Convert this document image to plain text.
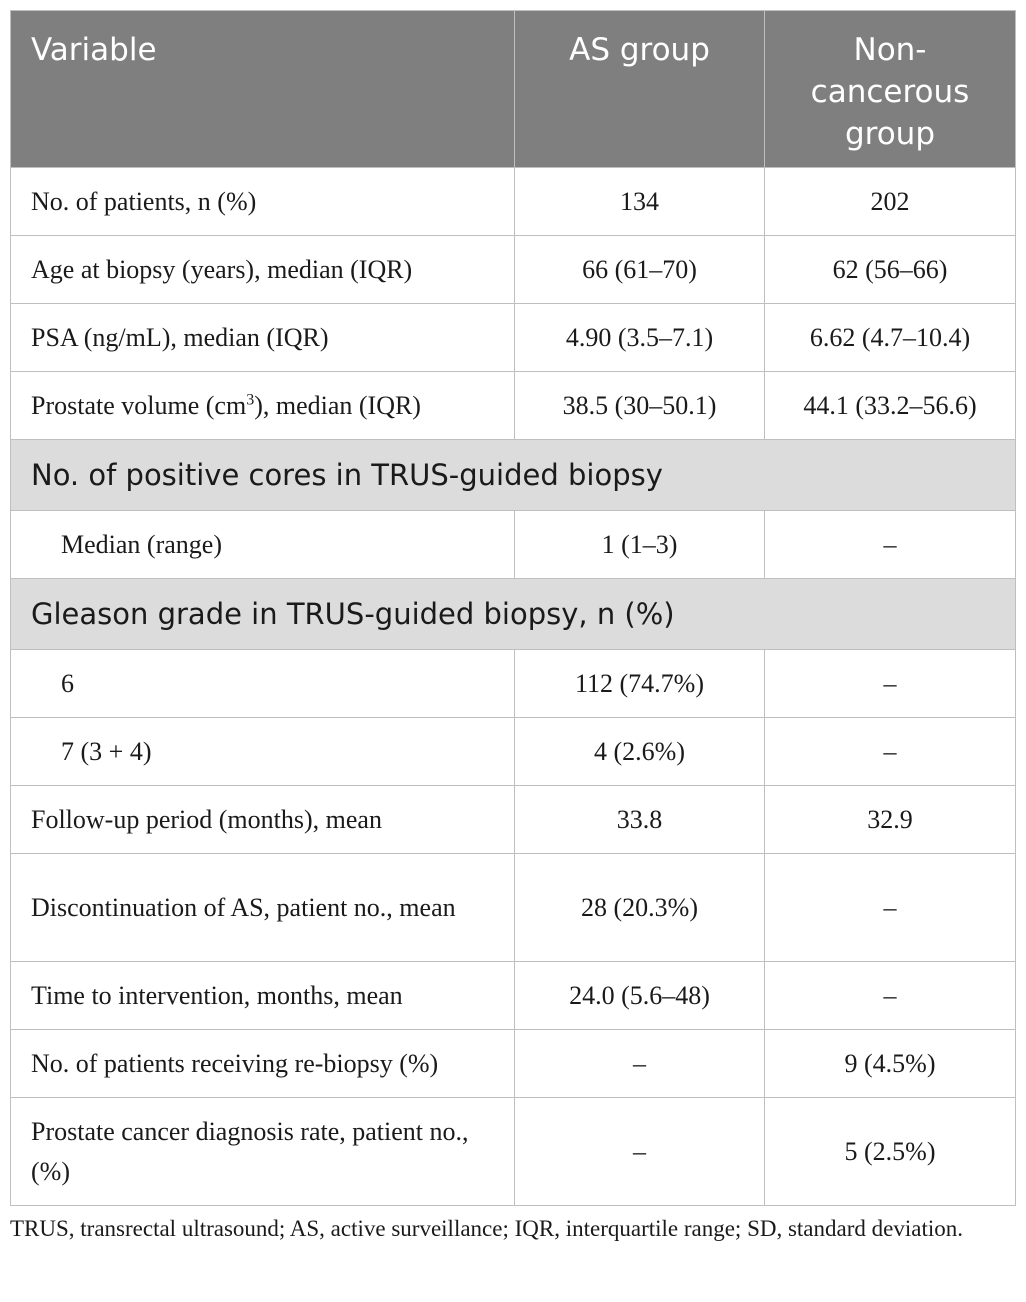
Variable	AS group	Non-cancerous group
No. of patients, n (%)	134	202
Age at biopsy (years), median (IQR)	66 (61–70)	62 (56–66)
PSA (ng/mL), median (IQR)	4.90 (3.5–7.1)	6.62 (4.7–10.4)
Prostate volume $(cm^3)$, median (IQR)	38.5 (30–50.1)	44.1 (33.2–56.6)
No. of positive cores in TRUS-guided biopsy		
Median (range)	1 (1–3)	–
Gleason grade in TRUS-guided biopsy, n (%)		
6	112 (74.7%)	–
7 (3 + 4)	4 (2.6%)	–
Follow-up period (months), mean	33.8	32.9
Discontinuation of AS, patient no., mean	28 (20.3%)	–
Time to intervention, months, mean	24.0 (5.6–48)	–
No. of patients receiving re-biopsy (%)	–	9 (4.5%)
Prostate cancer diagnosis rate, patient no., (%)	–	5 (2.5%)
TRUS, transrectal ultrasound; AS, active surveillance; IQR, interquartile range; SD, standard deviation.
